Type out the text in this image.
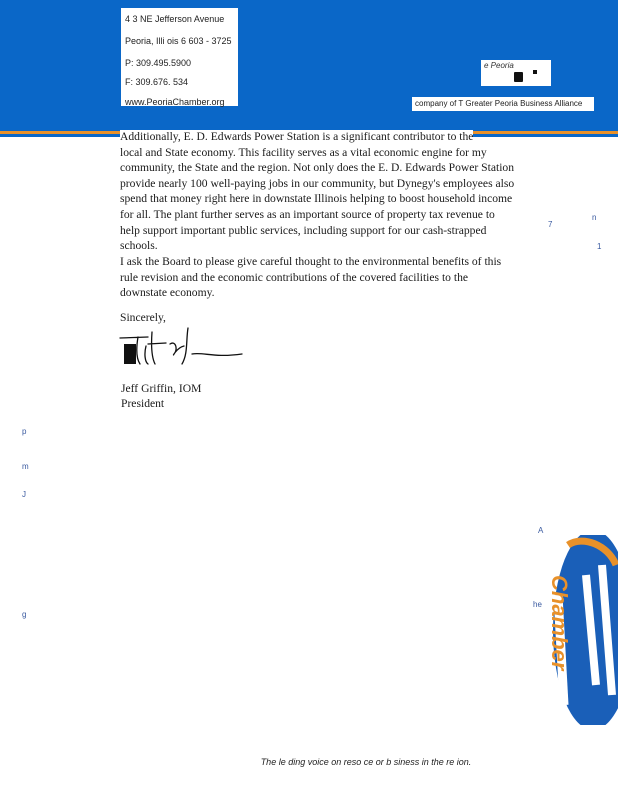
4 3 NE Jefferson Avenue
Peoria, Illi ois 6 603 - 3725
P: 309.495.5900
F: 309.676. 534
www.PeoriaChamber.org
e Peoria
company of T Greater Peoria Business Alliance
Additionally, E. D. Edwards Power Station is a significant contributor to the
local and State economy. This facility serves as a vital economic engine for my community, the State and the region. Not only does the E. D. Edwards Power Station provide nearly 100 well-paying jobs in our community, but Dynegy's employees also spend that money right here in downstate Illinois helping to boost household income for all. The plant further serves as an important source of property tax revenue to help support important public services, including support for our cash-strapped schools.
I ask the Board to please give careful thought to the environmental benefits of this rule revision and the economic contributions of the covered facilities to the downstate economy.
Sincerely,
Jeff Griffin, IOM
President
n
1
7
A
he
p
m
J
g	Chamber
The le ding voice on reso ce or b siness in the re ion.
